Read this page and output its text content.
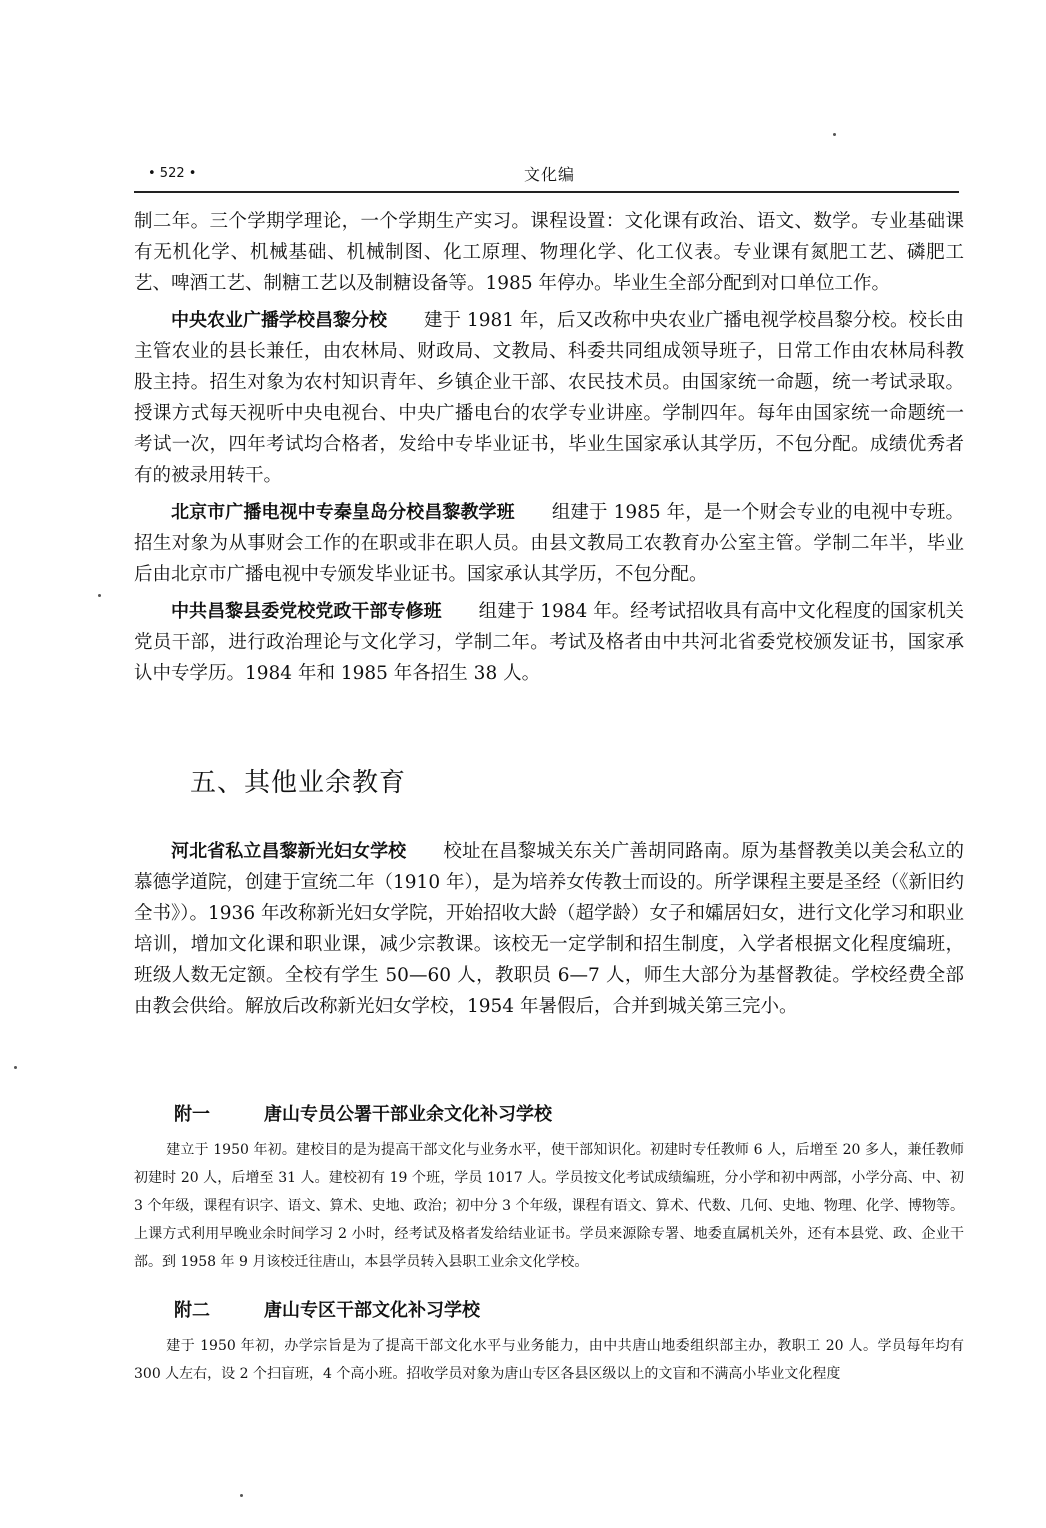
• 522 •	文化编

制二年。三个学期学理论，一个学期生产实习。课程设置：文化课有政治、语文、数学。专业基础课有无机化学、机械基础、机械制图、化工原理、物理化学、化工仪表。专业课有氮肥工艺、磷肥工艺、啤酒工艺、制糖工艺以及制糖设备等。1985 年停办。毕业生全部分配到对口单位工作。

中央农业广播学校昌黎分校 建于 1981 年，后又改称中央农业广播电视学校昌黎分校。校长由主管农业的县长兼任，由农林局、财政局、文教局、科委共同组成领导班子，日常工作由农林局科教股主持。招生对象为农村知识青年、乡镇企业干部、农民技术员。由国家统一命题，统一考试录取。授课方式每天视听中央电视台、中央广播电台的农学专业讲座。学制四年。每年由国家统一命题统一考试一次，四年考试均合格者，发给中专毕业证书，毕业生国家承认其学历，不包分配。成绩优秀者有的被录用转干。

北京市广播电视中专秦皇岛分校昌黎教学班 组建于 1985 年，是一个财会专业的电视中专班。招生对象为从事财会工作的在职或非在职人员。由县文教局工农教育办公室主管。学制二年半，毕业后由北京市广播电视中专颁发毕业证书。国家承认其学历，不包分配。

中共昌黎县委党校党政干部专修班 组建于 1984 年。经考试招收具有高中文化程度的国家机关党员干部，进行政治理论与文化学习，学制二年。考试及格者由中共河北省委党校颁发证书，国家承认中专学历。1984 年和 1985 年各招生 38 人。

五、其他业余教育

河北省私立昌黎新光妇女学校 校址在昌黎城关东关广善胡同路南。原为基督教美以美会私立的慕德学道院，创建于宣统二年（1910 年），是为培养女传教士而设的。所学课程主要是圣经（《新旧约全书》）。1936 年改称新光妇女学院，开始招收大龄（超学龄）女子和孀居妇女，进行文化学习和职业培训，增加文化课和职业课，减少宗教课。该校无一定学制和招生制度，入学者根据文化程度编班，班级人数无定额。全校有学生 50—60 人，教职员 6—7 人，师生大部分为基督教徒。学校经费全部由教会供给。解放后改称新光妇女学校，1954 年暑假后，合并到城关第三完小。

附一	唐山专员公署干部业余文化补习学校

建立于 1950 年初。建校目的是为提高干部文化与业务水平，使干部知识化。初建时专任教师 6 人，后增至 20 多人，兼任教师初建时 20 人，后增至 31 人。建校初有 19 个班，学员 1017 人。学员按文化考试成绩编班，分小学和初中两部，小学分高、中、初 3 个年级，课程有识字、语文、算术、史地、政治；初中分 3 个年级，课程有语文、算术、代数、几何、史地、物理、化学、博物等。上课方式利用早晚业余时间学习 2 小时，经考试及格者发给结业证书。学员来源除专署、地委直属机关外，还有本县党、政、企业干部。到 1958 年 9 月该校迁往唐山，本县学员转入县职工业余文化学校。

附二	唐山专区干部文化补习学校

建于 1950 年初，办学宗旨是为了提高干部文化水平与业务能力，由中共唐山地委组织部主办，教职工 20 人。学员每年均有 300 人左右，设 2 个扫盲班，4 个高小班。招收学员对象为唐山专区各县区级以上的文盲和不满高小毕业文化程度
